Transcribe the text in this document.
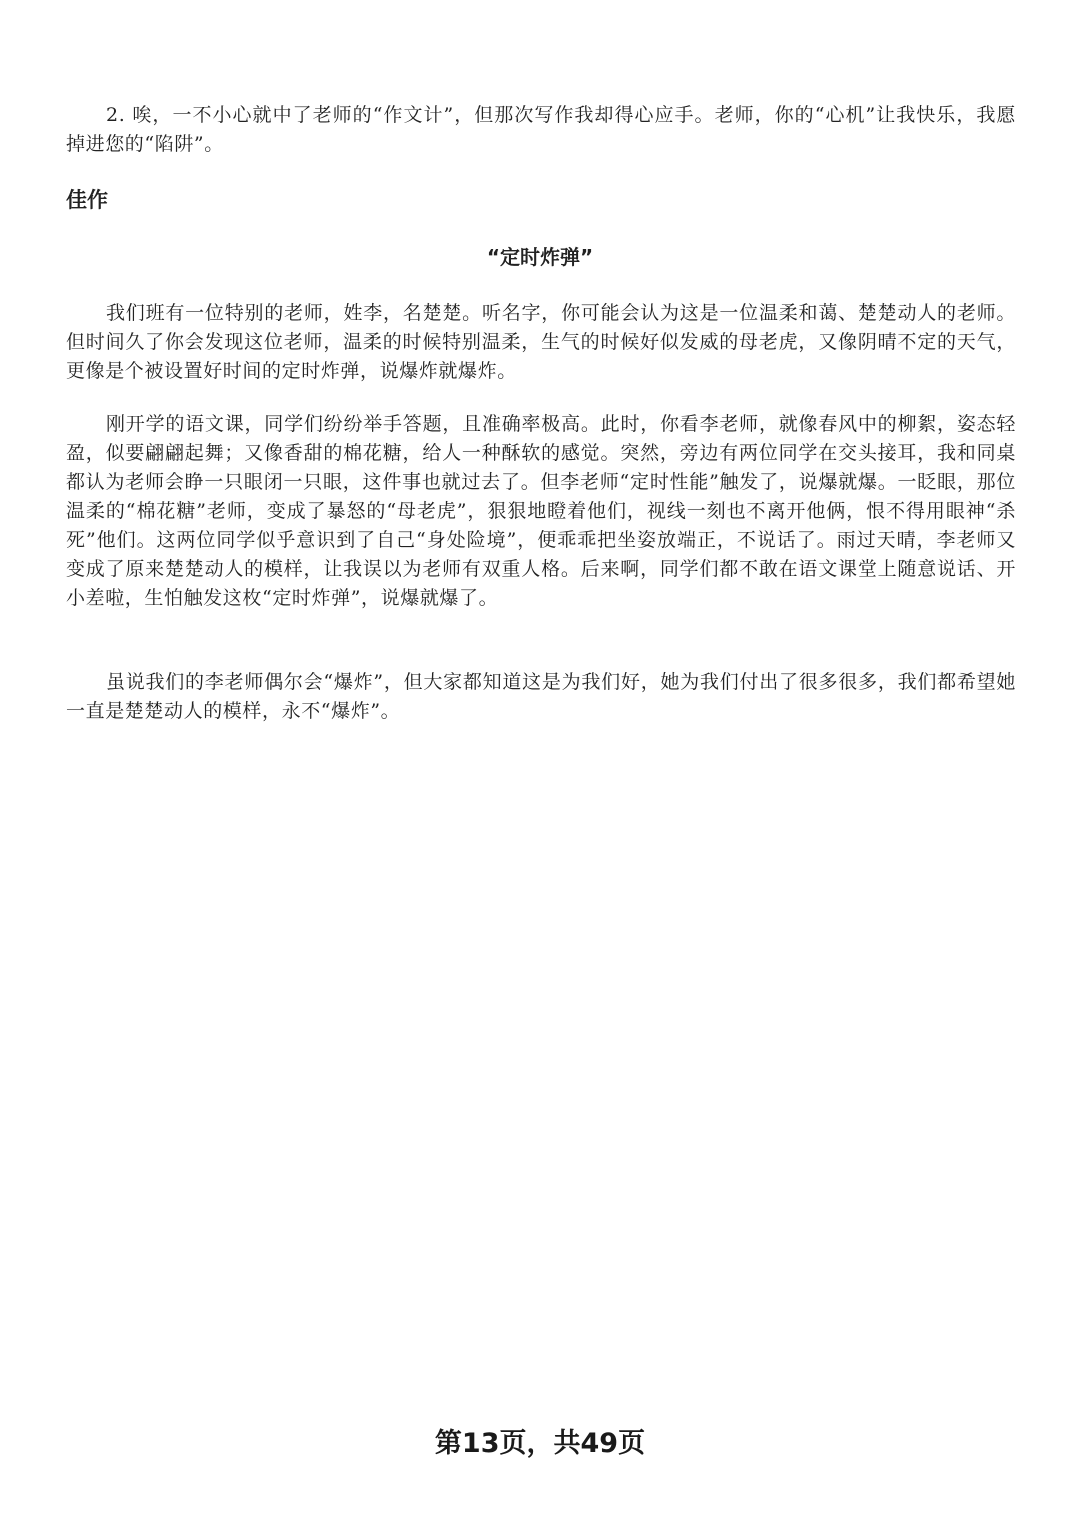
2. 唉，一不小心就中了老师的“作文计”，但那次写作我却得心应手。老师，你的“心机”让我快乐，我愿掉进您的“陷阱”。

佳作
“定时炸弹”

我们班有一位特别的老师，姓李，名楚楚。听名字，你可能会认为这是一位温柔和蔼、楚楚动人的老师。但时间久了你会发现这位老师，温柔的时候特别温柔，生气的时候好似发威的母老虎，又像阴晴不定的天气，更像是个被设置好时间的定时炸弹，说爆炸就爆炸。

刚开学的语文课，同学们纷纷举手答题，且准确率极高。此时，你看李老师，就像春风中的柳絮，姿态轻盈，似要翩翩起舞；又像香甜的棉花糖，给人一种酥软的感觉。突然，旁边有两位同学在交头接耳，我和同桌都认为老师会睁一只眼闭一只眼，这件事也就过去了。但李老师“定时性能”触发了，说爆就爆。一眨眼，那位温柔的“棉花糖”老师，变成了暴怒的“母老虎”，狠狠地瞪着他们，视线一刻也不离开他俩，恨不得用眼神“杀死”他们。这两位同学似乎意识到了自己“身处险境”，便乖乖把坐姿放端正，不说话了。雨过天晴，李老师又变成了原来楚楚动人的模样，让我误以为老师有双重人格。后来啊，同学们都不敢在语文课堂上随意说话、开小差啦，生怕触发这枚“定时炸弹”，说爆就爆了。

虽说我们的李老师偶尔会“爆炸”，但大家都知道这是为我们好，她为我们付出了很多很多，我们都希望她一直是楚楚动人的模样，永不“爆炸”。

第13页，共49页
